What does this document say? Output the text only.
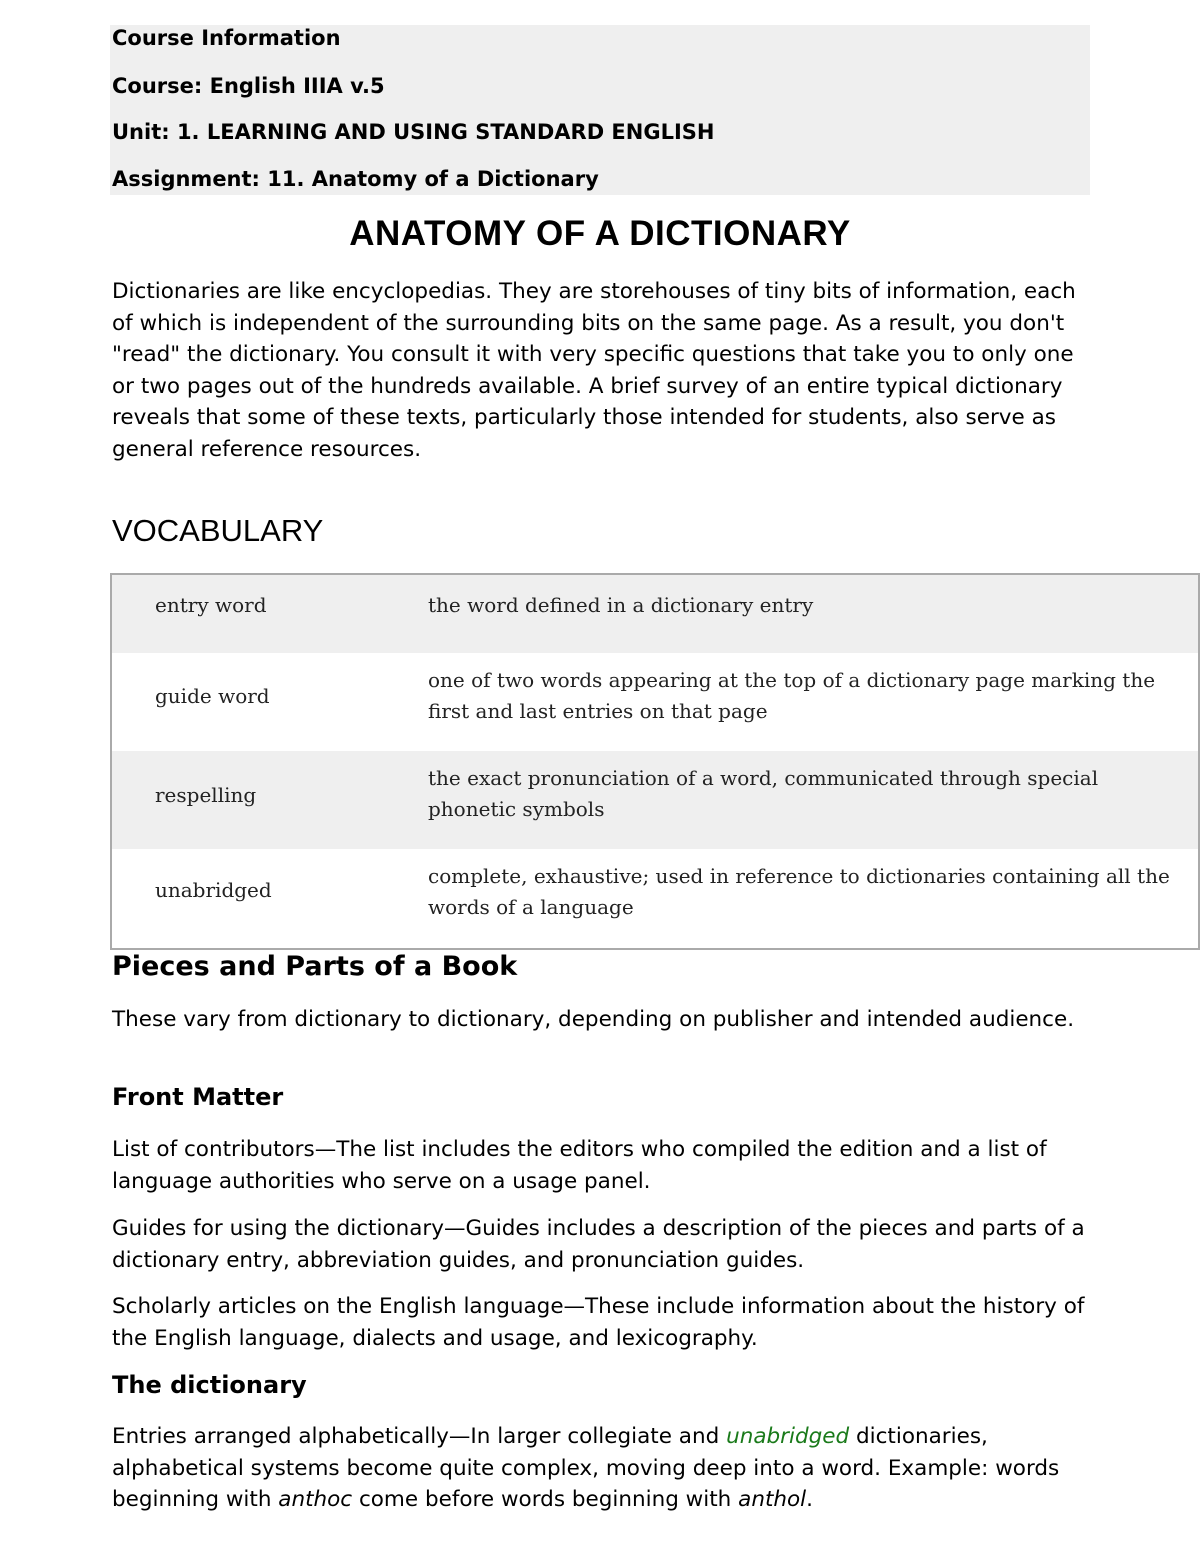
Course Information
Course: English IIIA v.5
Unit: 1. LEARNING AND USING STANDARD ENGLISH
Assignment: 11. Anatomy of a Dictionary
ANATOMY OF A DICTIONARY
Dictionaries are like encyclopedias. They are storehouses of tiny bits of information, each of which is independent of the surrounding bits on the same page. As a result, you don't "read" the dictionary. You consult it with very specific questions that take you to only one or two pages out of the hundreds available. A brief survey of an entire typical dictionary reveals that some of these texts, particularly those intended for students, also serve as general reference resources.
VOCABULARY
entry word	the word defined in a dictionary entry
guide word
one of two words appearing at the top of a dictionary page marking the first and last entries on that page
respelling
the exact pronunciation of a word, communicated through special phonetic symbols
unabridged
complete, exhaustive; used in reference to dictionaries containing all the words of a language
Pieces and Parts of a Book
These vary from dictionary to dictionary, depending on publisher and intended audience.
Front Matter
List of contributors—The list includes the editors who compiled the edition and a list of language authorities who serve on a usage panel.
Guides for using the dictionary—Guides includes a description of the pieces and parts of a dictionary entry, abbreviation guides, and pronunciation guides.
Scholarly articles on the English language—These include information about the history of the English language, dialects and usage, and lexicography.
The dictionary
Entries arranged alphabetically—In larger collegiate and unabridged dictionaries, alphabetical systems become quite complex, moving deep into a word. Example: words beginning with anthoc come before words beginning with anthol.
